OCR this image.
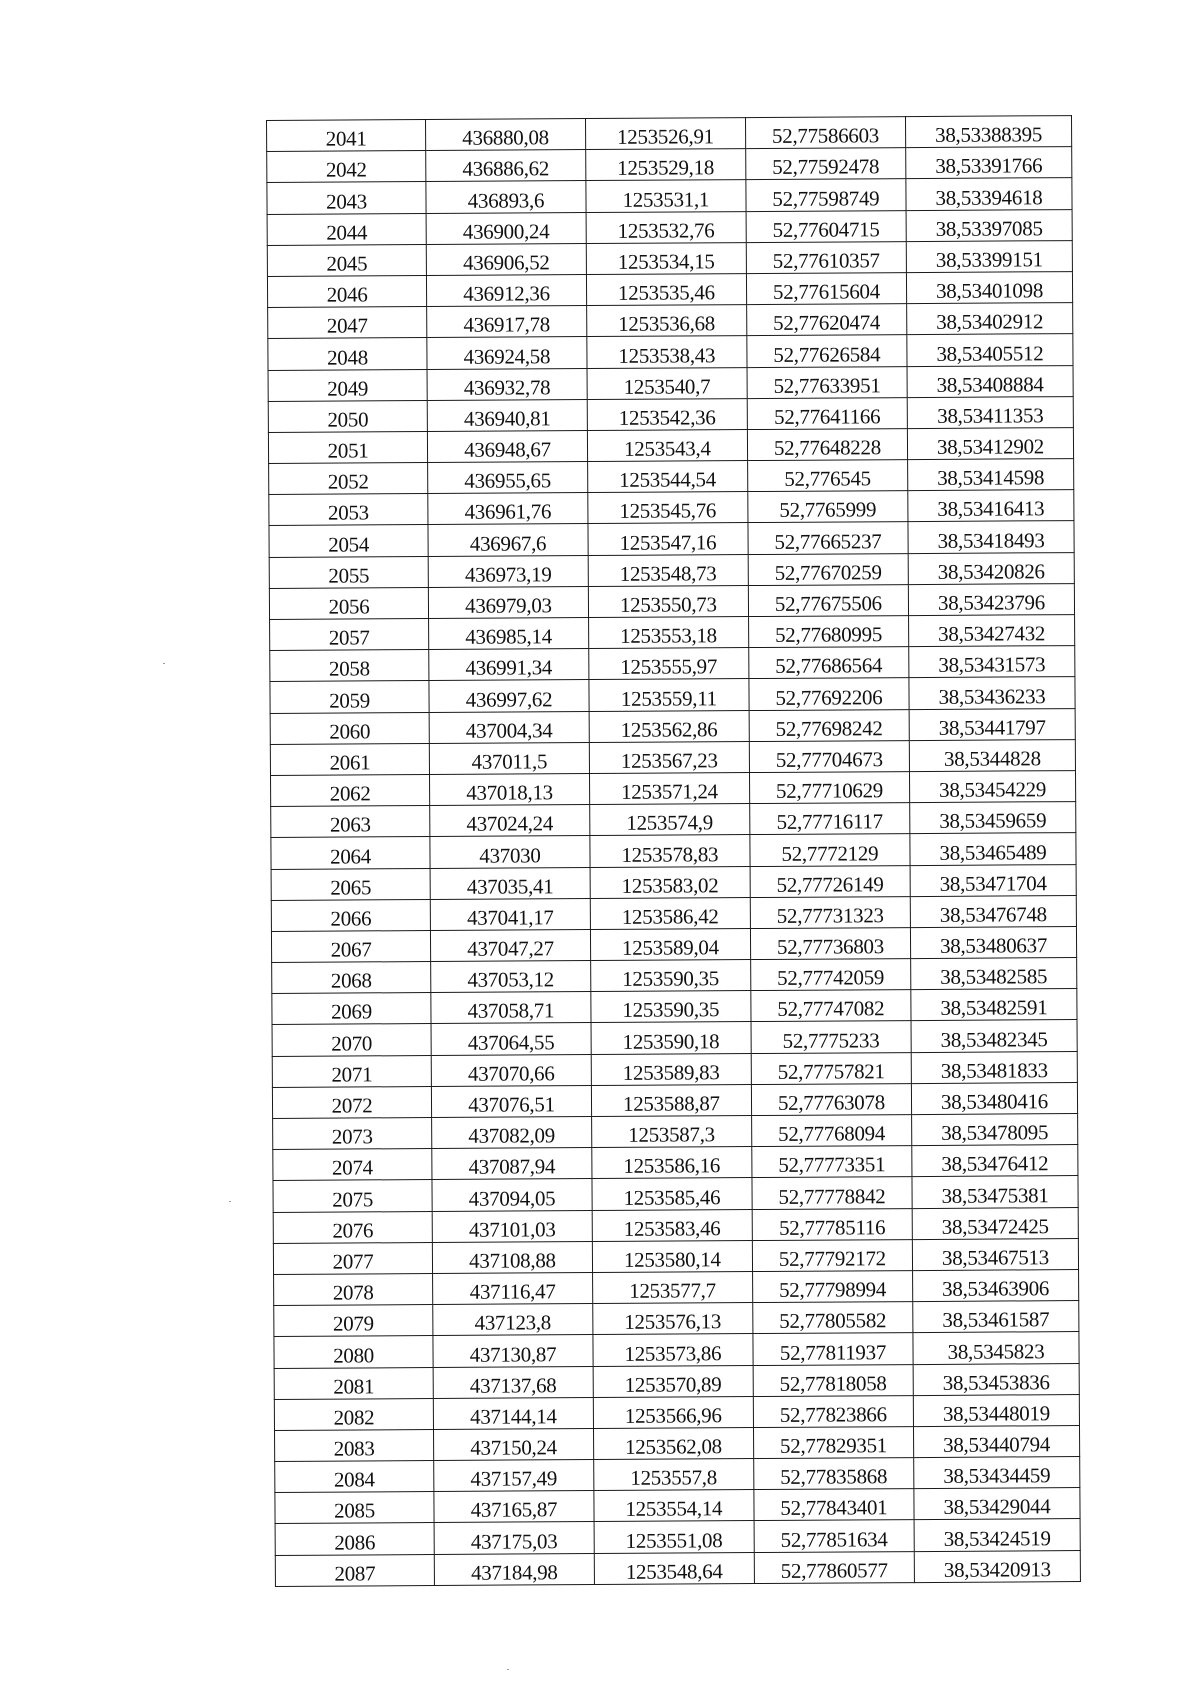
2041	436880,08	1253526,91	52,77586603	38,53388395
2042	436886,62	1253529,18	52,77592478	38,53391766
2043	436893,6	1253531,1	52,77598749	38,53394618
2044	436900,24	1253532,76	52,77604715	38,53397085
2045	436906,52	1253534,15	52,77610357	38,53399151
2046	436912,36	1253535,46	52,77615604	38,53401098
2047	436917,78	1253536,68	52,77620474	38,53402912
2048	436924,58	1253538,43	52,77626584	38,53405512
2049	436932,78	1253540,7	52,77633951	38,53408884
2050	436940,81	1253542,36	52,77641166	38,53411353
2051	436948,67	1253543,4	52,77648228	38,53412902
2052	436955,65	1253544,54	52,776545	38,53414598
2053	436961,76	1253545,76	52,7765999	38,53416413
2054	436967,6	1253547,16	52,77665237	38,53418493
2055	436973,19	1253548,73	52,77670259	38,53420826
2056	436979,03	1253550,73	52,77675506	38,53423796
2057	436985,14	1253553,18	52,77680995	38,53427432
2058	436991,34	1253555,97	52,77686564	38,53431573
2059	436997,62	1253559,11	52,77692206	38,53436233
2060	437004,34	1253562,86	52,77698242	38,53441797
2061	437011,5	1253567,23	52,77704673	38,5344828
2062	437018,13	1253571,24	52,77710629	38,53454229
2063	437024,24	1253574,9	52,77716117	38,53459659
2064	437030	1253578,83	52,7772129	38,53465489
2065	437035,41	1253583,02	52,77726149	38,53471704
2066	437041,17	1253586,42	52,77731323	38,53476748
2067	437047,27	1253589,04	52,77736803	38,53480637
2068	437053,12	1253590,35	52,77742059	38,53482585
2069	437058,71	1253590,35	52,77747082	38,53482591
2070	437064,55	1253590,18	52,7775233	38,53482345
2071	437070,66	1253589,83	52,77757821	38,53481833
2072	437076,51	1253588,87	52,77763078	38,53480416
2073	437082,09	1253587,3	52,77768094	38,53478095
2074	437087,94	1253586,16	52,77773351	38,53476412
2075	437094,05	1253585,46	52,77778842	38,53475381
2076	437101,03	1253583,46	52,77785116	38,53472425
2077	437108,88	1253580,14	52,77792172	38,53467513
2078	437116,47	1253577,7	52,77798994	38,53463906
2079	437123,8	1253576,13	52,77805582	38,53461587
2080	437130,87	1253573,86	52,77811937	38,5345823
2081	437137,68	1253570,89	52,77818058	38,53453836
2082	437144,14	1253566,96	52,77823866	38,53448019
2083	437150,24	1253562,08	52,77829351	38,53440794
2084	437157,49	1253557,8	52,77835868	38,53434459
2085	437165,87	1253554,14	52,77843401	38,53429044
2086	437175,03	1253551,08	52,77851634	38,53424519
2087	437184,98	1253548,64	52,77860577	38,53420913
